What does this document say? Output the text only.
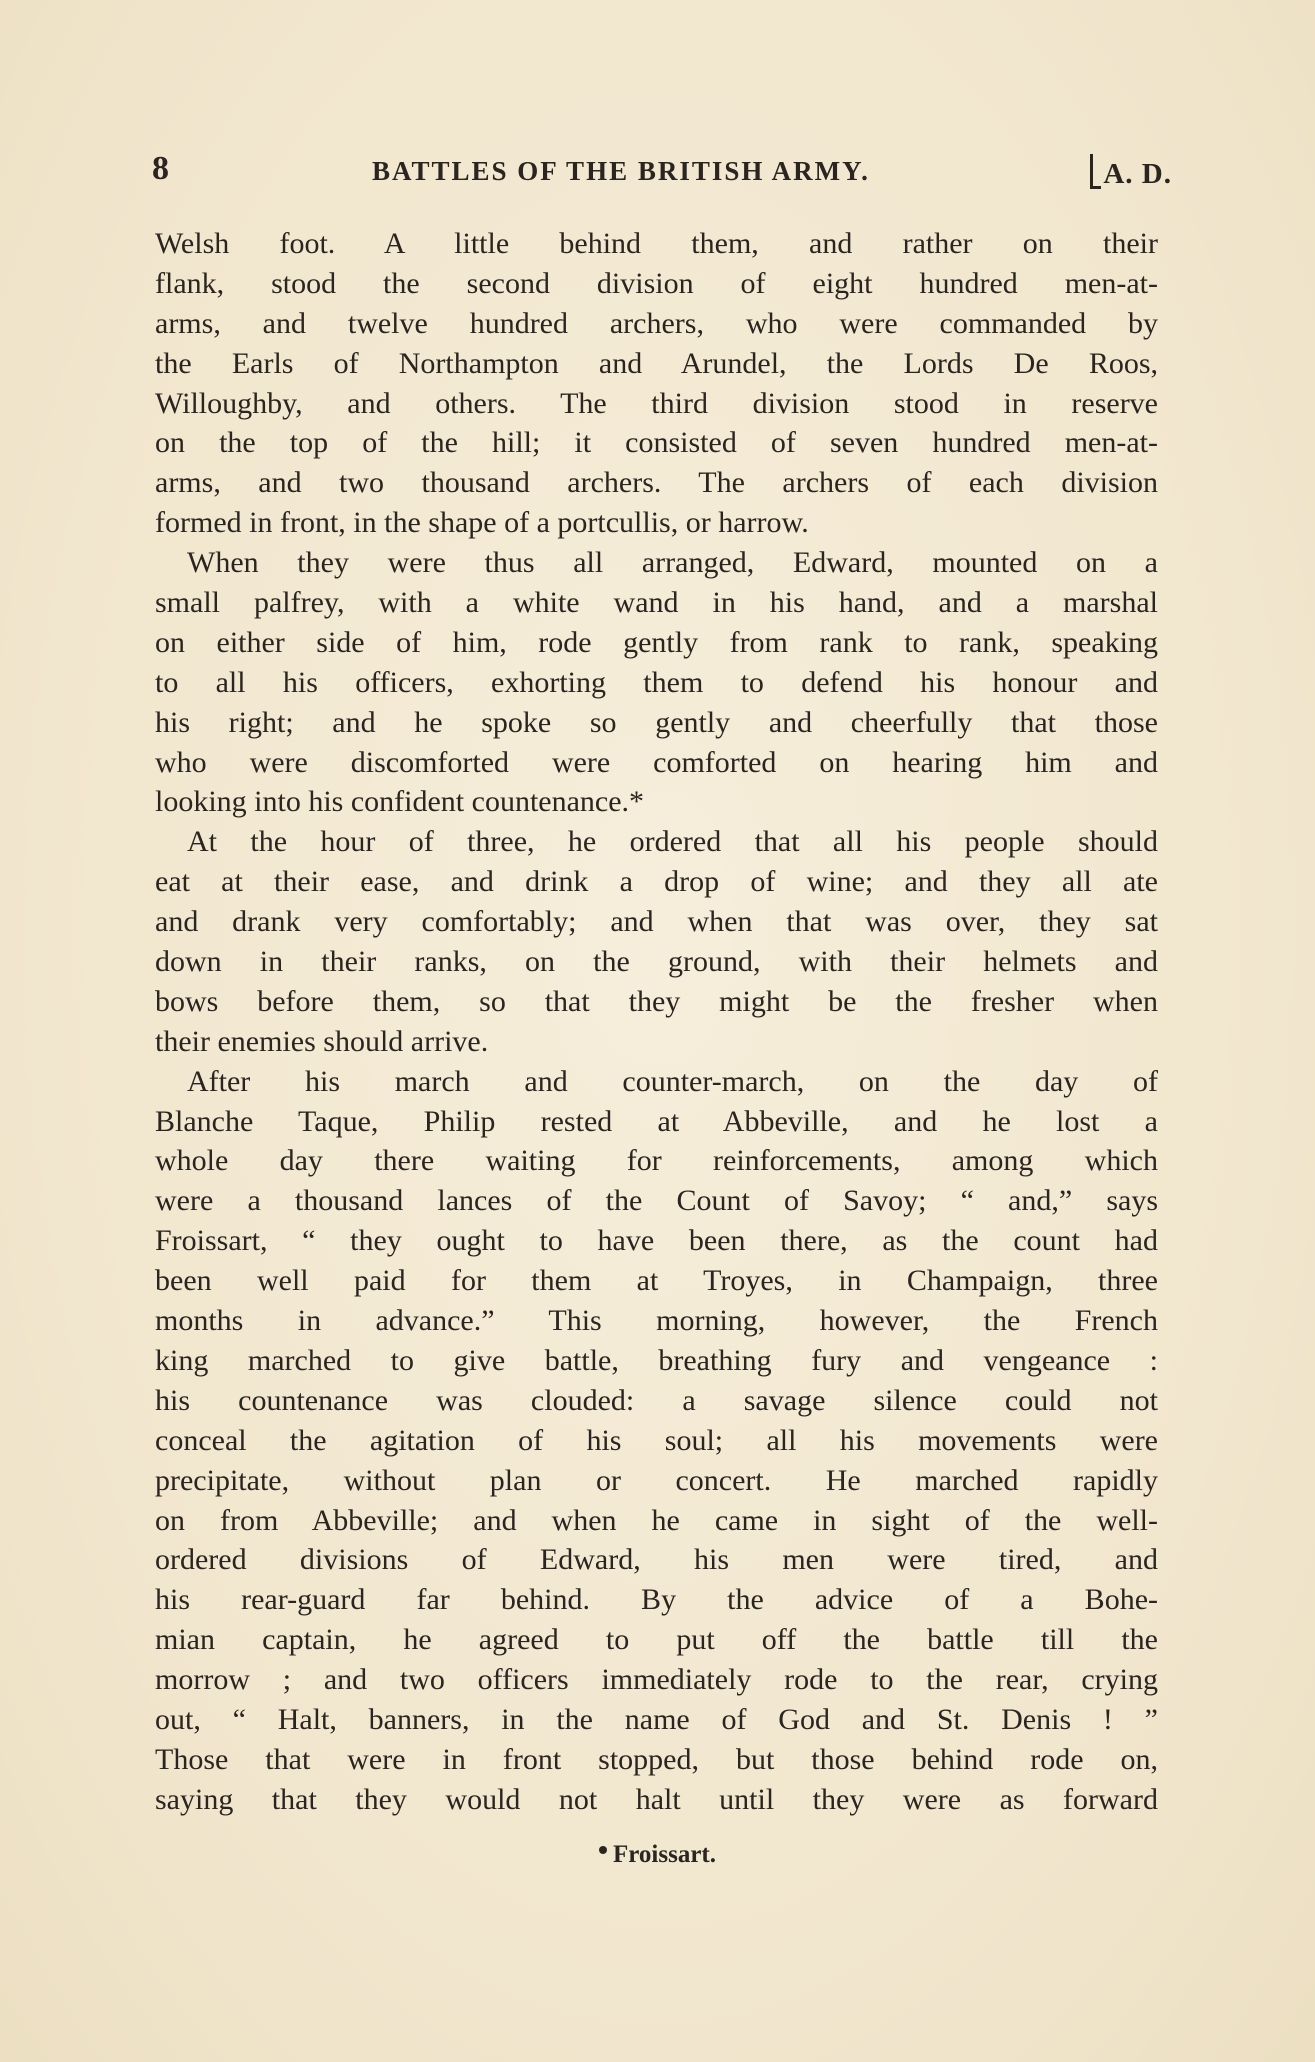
8	BATTLES OF THE BRITISH ARMY.	A. D.
Welsh foot. A little behind them, and rather on their
flank, stood the second division of eight hundred men-at-
arms, and twelve hundred archers, who were commanded by
the Earls of Northampton and Arundel, the Lords De Roos,
Willoughby, and others. The third division stood in reserve
on the top of the hill; it consisted of seven hundred men-at-
arms, and two thousand archers. The archers of each division
formed in front, in the shape of a portcullis, or harrow.
When they were thus all arranged, Edward, mounted on a
small palfrey, with a white wand in his hand, and a marshal
on either side of him, rode gently from rank to rank, speaking
to all his officers, exhorting them to defend his honour and
his right; and he spoke so gently and cheerfully that those
who were discomforted were comforted on hearing him and
looking into his confident countenance.*
At the hour of three, he ordered that all his people should
eat at their ease, and drink a drop of wine; and they all ate
and drank very comfortably; and when that was over, they sat
down in their ranks, on the ground, with their helmets and
bows before them, so that they might be the fresher when
their enemies should arrive.
After his march and counter-march, on the day of
Blanche Taque, Philip rested at Abbeville, and he lost a
whole day there waiting for reinforcements, among which
were a thousand lances of the Count of Savoy; “ and,” says
Froissart, “ they ought to have been there, as the count had
been well paid for them at Troyes, in Champaign, three
months in advance.” This morning, however, the French
king marched to give battle, breathing fury and vengeance :
his countenance was clouded: a savage silence could not
conceal the agitation of his soul; all his movements were
precipitate, without plan or concert. He marched rapidly
on from Abbeville; and when he came in sight of the well-
ordered divisions of Edward, his men were tired, and
his rear-guard far behind. By the advice of a Bohe-
mian captain, he agreed to put off the battle till the
morrow ; and two officers immediately rode to the rear, crying
out, “ Halt, banners, in the name of God and St. Denis ! ”
Those that were in front stopped, but those behind rode on,
saying that they would not halt until they were as forward
Froissart.
